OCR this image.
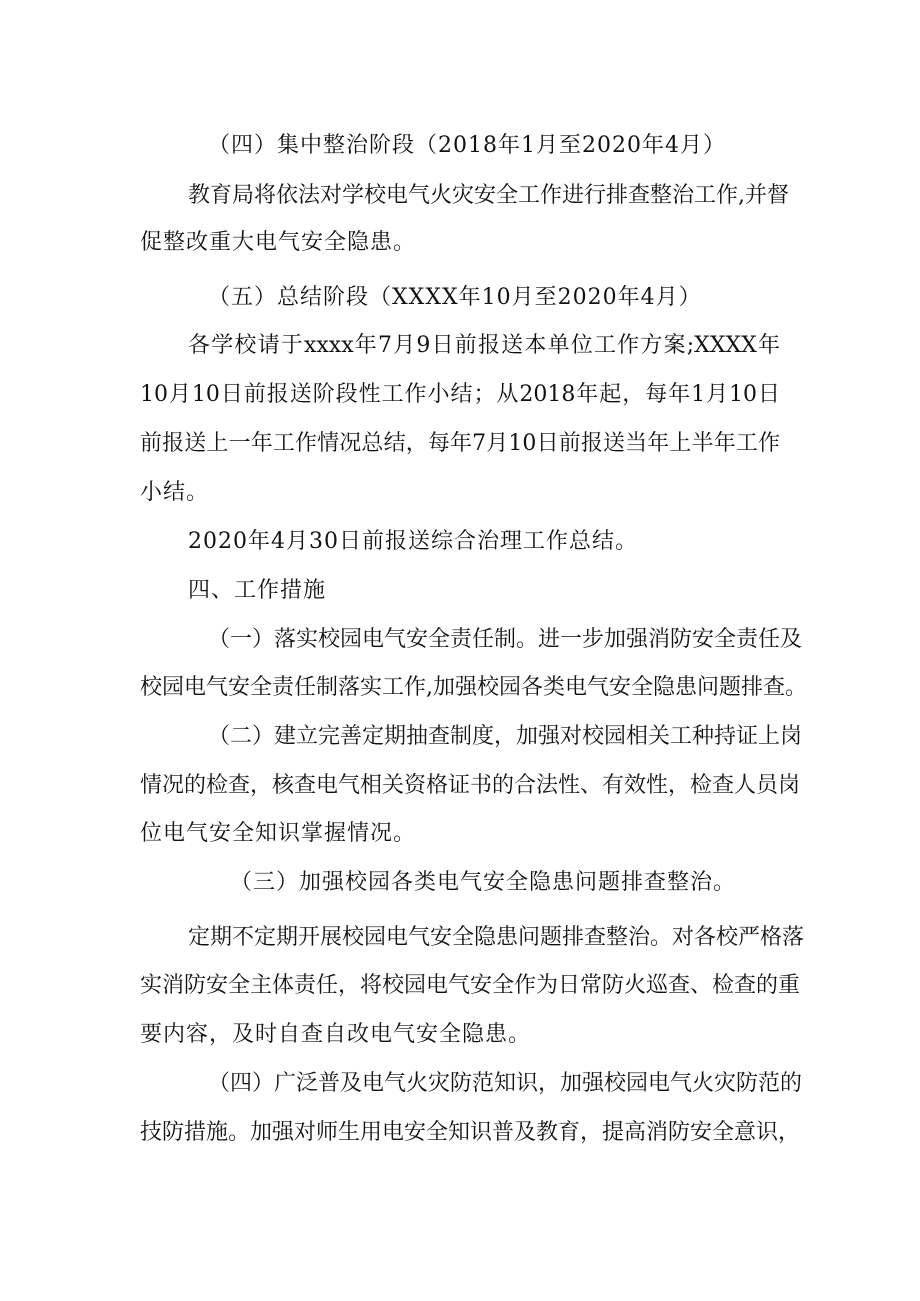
（四）集中整治阶段（2018年1月至2020年4月）

教育局将依法对学校电气火灾安全工作进行排查整治工作,并督

促整改重大电气安全隐患。

（五）总结阶段（XXXX年10月至2020年4月）

各学校请于xxxx年7月9日前报送本单位工作方案;XXXX年

10月10日前报送阶段性工作小结；从2018年起，每年1月10日

前报送上一年工作情况总结，每年7月10日前报送当年上半年工作

小结。

2020年4月30日前报送综合治理工作总结。

四、工作措施

（一）落实校园电气安全责任制。进一步加强消防安全责任及

校园电气安全责任制落实工作,加强校园各类电气安全隐患问题排查。

（二）建立完善定期抽查制度，加强对校园相关工种持证上岗

情况的检查，核查电气相关资格证书的合法性、有效性，检查人员岗

位电气安全知识掌握情况。

（三）加强校园各类电气安全隐患问题排查整治。

定期不定期开展校园电气安全隐患问题排查整治。对各校严格落

实消防安全主体责任，将校园电气安全作为日常防火巡查、检查的重

要内容，及时自查自改电气安全隐患。

（四）广泛普及电气火灾防范知识，加强校园电气火灾防范的

技防措施。加强对师生用电安全知识普及教育，提高消防安全意识，
